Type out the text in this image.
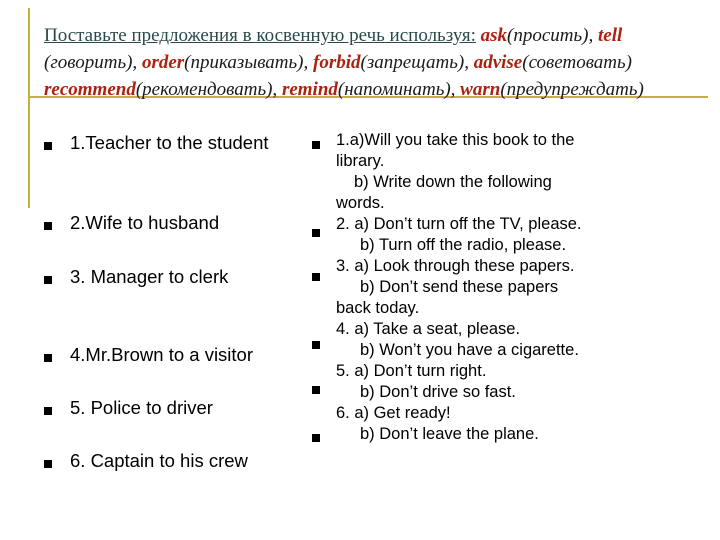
Поставьте предложения в косвенную речь используя: ask(просить), tell (говорить), order(приказывать), forbid(запрещать), advise(советовать) recommend(рекомендовать), remind(напоминать), warn(предупреждать)
1.Teacher to the student
2.Wife to husband
3. Manager to clerk
4.Mr.Brown to a visitor
5. Police to driver
6. Captain to his crew
1.a)Will you take this book to the
library.
b) Write down the following
words.
2. a) Don’t turn off the TV, please.
b) Turn off the radio, please.
3. a) Look through these papers.
b) Don’t send these papers
back today.
4. a) Take a seat, please.
b) Won’t you have a cigarette.
5. a) Don’t turn right.
b) Don’t drive so fast.
6. a) Get ready!
b) Don’t leave the plane.
